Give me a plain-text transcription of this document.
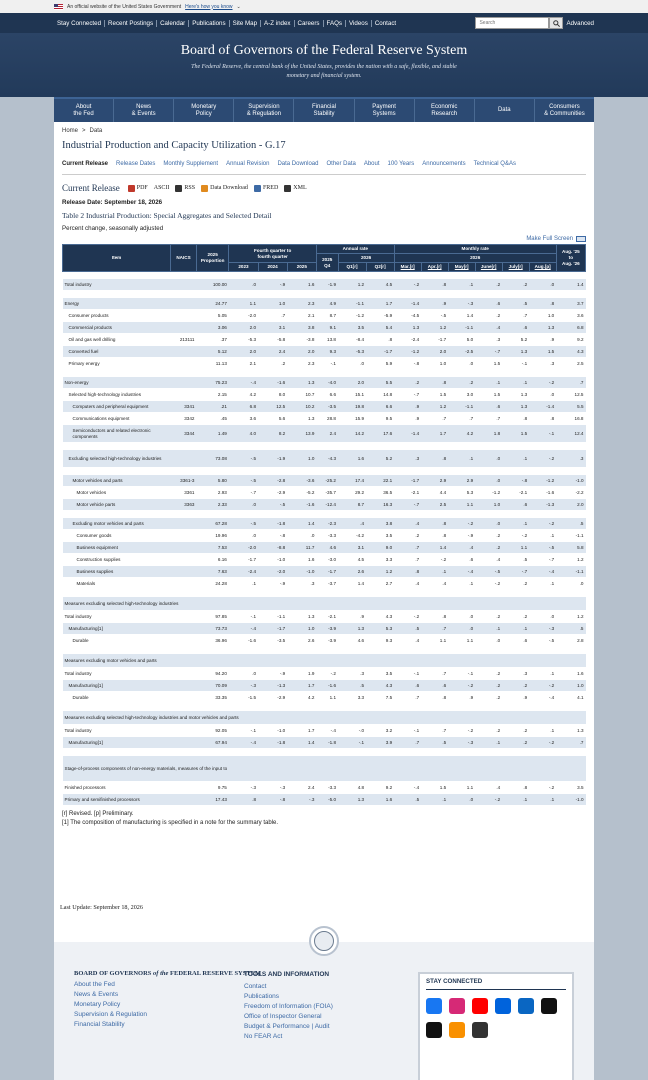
An official website of the United States Government Here's how you know ⌄
Stay Connected	Recent Postings	Calendar	Publications	Site Map	A-Z index	Careers	FAQs	Videos	Contact
Search	Advanced
Board of Governors of the Federal Reserve System

The Federal Reserve, the central bank of the United States, provides the nation with a safe, flexible, and stable monetary and financial system.

About
the Fed
News
& Events
Monetary
Policy
Supervision
& Regulation
Financial
Stability
Payment
Systems
Economic
Research
Data
Consumers
& Communities
Home > Data
Industrial Production and Capacity Utilization - G.17
Current Release Release Dates Monthly Supplement Annual Revision Data Download Other Data About 100 Years Announcements Technical Q&As
Current Release	PDF ASCII	RSS	Data Download	FRED	XML
Release Date: September 18, 2026
Table 2 Industrial Production: Special Aggregates and Selected Detail
Percent change, seasonally adjusted
Make Full Screen
Item	NAICS	2025
Proportion	Fourth quarter to
fourth quarter			Annual rate			Monthly rate						Aug. '25
to
Aug. '26
						2025
Q4	2026		2026						
			2023	2024	2025		Q1[r]	Q2[r]	Mar.[r]	Apr.[r]	May[r]	June[r]	July[r]	Aug.[p]	

Total industry		100.00	.0	-.9	1.6	-1.9	1.2	4.5	-.2	.8	.1	.2	.2	.0	1.4

Energy		24.77	1.1	1.0	2.3	4.9	-1.1	1.7	-1.4	.9	-.3	.6	.5	.8	3.7
Consumer products		5.05	-2.0	.7	2.1	8.7	-1.2	-5.9	-4.5	-.5	1.4	.2	.7	1.0	3.6
Commercial products		3.06	2.0	3.1	3.8	9.1	3.5	5.4	1.3	1.2	-1.1	.4	.6	1.3	6.8
Oil and gas well drilling	213111	.37	-5.3	-5.8	-3.8	13.8	-8.4	.8	-2.4	-1.7	5.0	.3	5.2	.9	9.2
Converted fuel		5.12	2.0	2.4	2.0	9.3	-5.3	-1.7	-1.2	2.0	-2.5	-.7	1.3	1.5	4.3
Primary energy		11.13	2.1	.2	2.3	-.1	.0	5.9	-.8	1.0	.0	1.5	-.1	.3	2.5

Non-energy		75.23	-.4	-1.6	1.3	-4.0	2.0	5.5	.2	.8	.2	.1	.1	-.2	.7
Selected high-technology industries		2.15	4.2	8.0	10.7	6.6	15.1	14.8	-.7	1.5	3.0	1.5	1.3	.0	12.5
Computers and peripheral equipment	3341	.21	6.8	12.5	10.2	-3.5	19.8	6.6	.9	1.2	-1.1	.6	1.3	-1.4	5.5
Communications equipment	3342	.45	3.6	5.6	1.3	28.8	15.9	9.5	.9	.7	.7	.7	.8	.8	16.8
Semiconductors and related electronic components	3344	1.49	4.0	8.2	13.9	2.4	14.2	17.6	-1.4	1.7	4.2	1.8	1.5	-.1	12.4

Excluding selected high-technology industries		73.08	-.5	-1.9	1.0	-4.3	1.6	5.2	.3	.8	.1	.0	.1	-.2	.3

Motor vehicles and parts	3361-3	5.80	-.5	-2.8	-3.6	-25.2	17.4	22.1	-1.7	2.9	2.9	.0	-.8	-1.2	-1.0
Motor vehicles	3361	2.93	-.7	-2.9	-5.2	-35.7	29.2	36.5	-2.1	4.4	5.3	-1.2	-2.1	-1.6	-2.2
Motor vehicle parts	3363	2.33	.0	-.5	-1.6	-12.4	8.7	16.3	-.7	2.5	1.1	1.0	.6	-1.3	2.0

Excluding motor vehicles and parts		67.28	-.5	-1.8	1.4	-2.3	.4	3.8	.4	.8	-.2	.0	.1	-.2	.5
Consumer goods		19.96	.0	-.8	.0	-3.3	-4.2	3.5	.2	.8	-.9	.2	-.2	.1	-1.1
Business equipment		7.53	-2.0	-8.8	11.7	4.6	3.1	9.0	.7	1.4	.4	.2	1.1	-.5	5.8
Construction supplies		6.16	-1.7	-1.0	1.6	-3.0	4.5	3.3	.7	-.2	.6	.4	.5	-.7	1.2
Business supplies		7.63	-2.4	-2.0	-1.0	-1.7	2.6	1.2	.8	.1	-.4	-.5	-.7	-.4	-1.1
Materials		24.28	.1	-.9	.3	-3.7	1.4	2.7	.4	.4	.1	-.2	.2	.1	.0

Measures excluding selected high-technology industries															
Total industry		97.85	-.1	-1.1	1.3	-2.1	.9	4.3	-.2	.8	.0	.2	.2	.0	1.2
Manufacturing[1]		73.73	-.4	-1.7	1.0	-3.9	1.3	5.3	.5	.7	.0	.1	.1	-.3	.5
Durable		36.96	-1.6	-3.5	2.6	-3.9	4.6	9.3	.4	1.1	1.1	.0	.6	-.5	2.8

Measures excluding motor vehicles and parts															
Total industry		94.20	.0	-.9	1.9	-.2	.3	3.5	-.1	.7	-.1	.2	.3	.1	1.6
Manufacturing[1]		70.09	-.3	-1.3	1.7	-1.6	.5	4.3	.6	.6	-.2	.2	.2	-.2	1.0
Durable		33.35	-1.5	-2.9	4.2	1.1	3.3	7.5	.7	.8	.9	.2	.9	-.4	4.1

Measures excluding selected high-technology industries and motor vehicles and parts															
Total industry		92.05	-.1	-1.0	1.7	-.4	-.0	3.2	-.1	.7	-.2	.2	.2	.1	1.3
Manufacturing[1]		67.94	-.4	-1.8	1.4	-1.8	-.1	3.9	.7	.5	-.3	.1	.2	-.2	.7

Stage-of-process components of non-energy materials, measures of the input to															
Finished processors		9.75	-.3	-.3	2.4	-3.3	4.8	9.2	-.4	1.5	1.1	.4	.8	-.2	3.5
Primary and semifinished processors		17.43	.8	-.8	-.3	-5.0	1.3	1.6	.5	.1	.0	-.2	.1	.1	-1.0
[r] Revised. [p] Preliminary.
[1] The composition of manufacturing is specified in a note for the summary table.
Last Update: September 18, 2026
BOARD OF GOVERNORS of the FEDERAL RESERVE SYSTEM
About the Fed
News & Events
Monetary Policy
Supervision & Regulation
Financial Stability
TOOLS AND INFORMATION
Contact
Publications
Freedom of Information (FOIA)
Office of Inspector General
Budget & Performance | Audit
No FEAR Act
STAY CONNECTED
